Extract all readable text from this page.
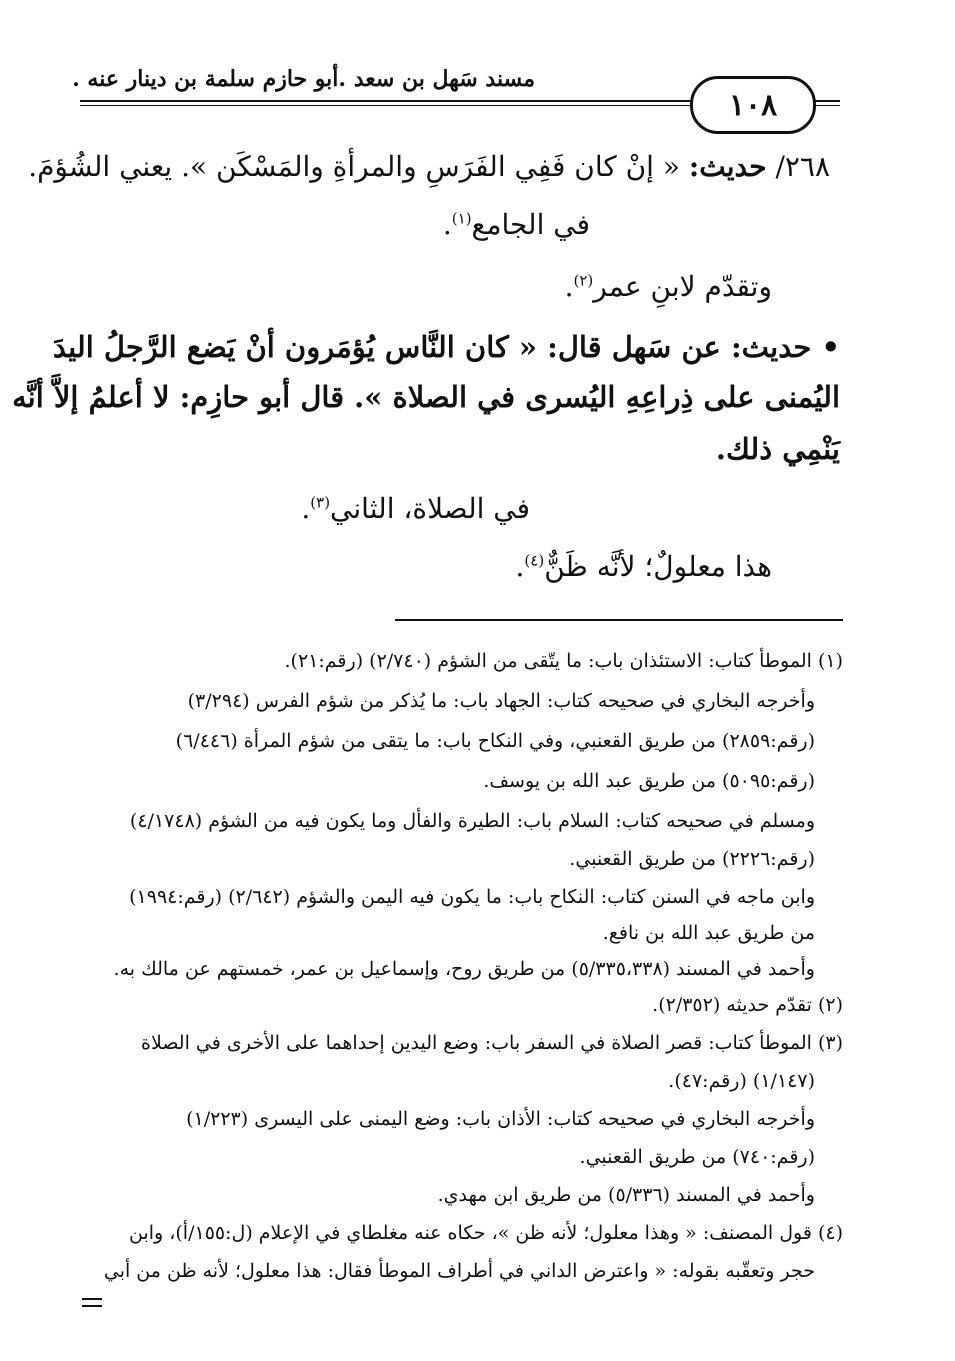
مسند سَهل بن سعد .أبو حازم سلمة بن دينار عنه .
١٠٨
٢٦٨/ حديث: « إنْ كان فَفِي الفَرَسِ والمرأةِ والمَسْكَن ». يعني الشُؤمَ.
في الجامع$^{(١)}$.
وتقدّم لابنِ عمر$^{(٢)}$.
• حديث: عن سَهل قال: « كان النَّاس يُؤمَرون أنْ يَضع الرَّجلُ اليدَ
اليُمنى على ذِراعِهِ اليُسرى في الصلاة ». قال أبو حازِم: لا أعلمُ إلاَّ أنَّه
يَنْمِي ذلك.
في الصلاة، الثاني$^{(٣)}$.
هذا معلولٌ؛ لأنَّه ظَنٌّ$^{(٤)}$.
(١) الموطأ كتاب: الاستئذان باب: ما يتّقى من الشؤم (٢/٧٤٠) (رقم:٢١).
وأخرجه البخاري في صحيحه كتاب: الجهاد باب: ما يُذكر من شؤم الفرس (٣/٢٩٤)
(رقم:٢٨٥٩) من طريق القعنبي، وفي النكاح باب: ما يتقى من شؤم المرأة (٦/٤٤٦)
(رقم:٥٠٩٥) من طريق عبد الله بن يوسف.
ومسلم في صحيحه كتاب: السلام باب: الطيرة والفأل وما يكون فيه من الشؤم (٤/١٧٤٨)
(رقم:٢٢٢٦) من طريق القعنبي.
وابن ماجه في السنن كتاب: النكاح باب: ما يكون فيه اليمن والشؤم (٢/٦٤٢) (رقم:١٩٩٤)
من طريق عبد الله بن نافع.
وأحمد في المسند (٥/٣٣٥،٣٣٨) من طريق روح، وإسماعيل بن عمر، خمستهم عن مالك به.
(٢) تقدّم حديثه (٢/٣٥٢).
(٣) الموطأ كتاب: قصر الصلاة في السفر باب: وضع اليدين إحداهما على الأخرى في الصلاة
(١/١٤٧) (رقم:٤٧).
وأخرجه البخاري في صحيحه كتاب: الأذان باب: وضع اليمنى على اليسرى (١/٢٢٣)
(رقم:٧٤٠) من طريق القعنبي.
وأحمد في المسند (٥/٣٣٦) من طريق ابن مهدي.
(٤) قول المصنف: « وهذا معلول؛ لأنه ظن »، حكاه عنه مغلطاي في الإعلام (ل:١٥٥/أ)، وابن
حجر وتعقّبه بقوله: « واعترض الداني في أطراف الموطأ فقال: هذا معلول؛ لأنه ظن من أبي
